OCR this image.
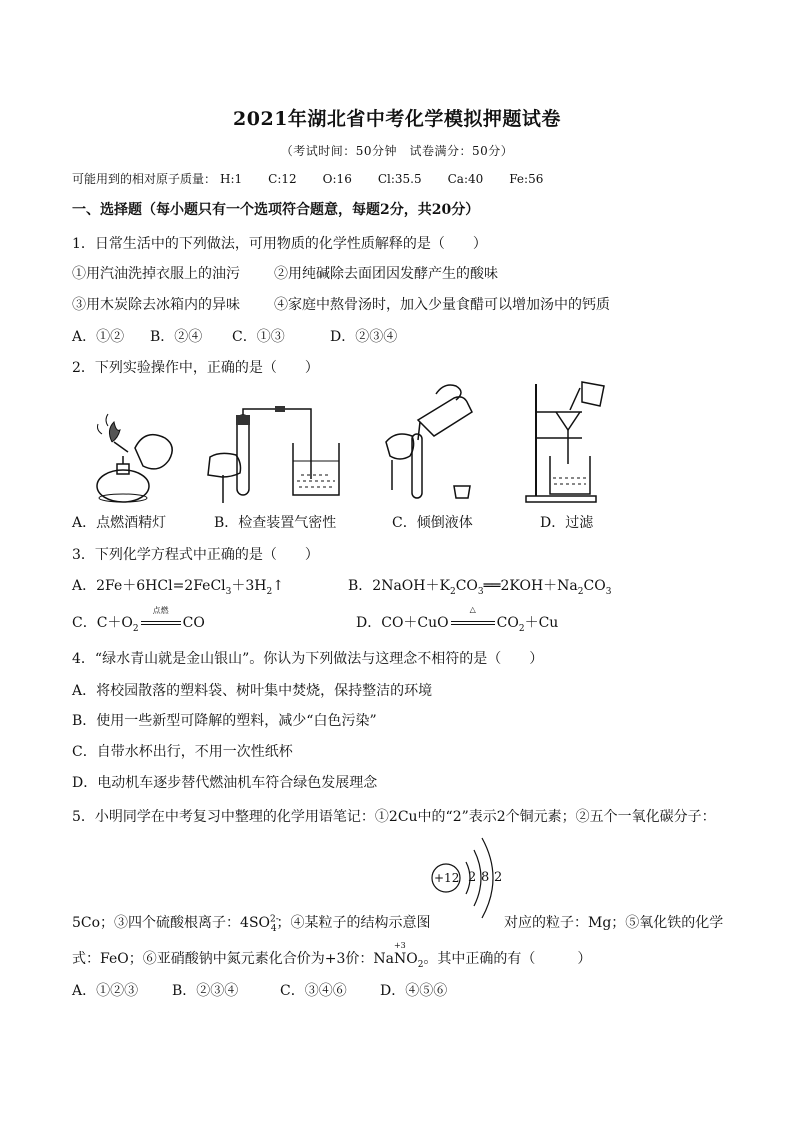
2021年湖北省中考化学模拟押题试卷
（考试时间：50分钟　试卷满分：50分）
可能用到的相对原子质量： H:1 C:12 O:16 Cl:35.5 Ca:40 Fe:56
一、选择题（每小题只有一个选项符合题意，每题2分，共20分）
1．日常生活中的下列做法，可用物质的化学性质解释的是（　　）
①用汽油洗掉衣服上的油污 ②用纯碱除去面团因发酵产生的酸味
③用木炭除去冰箱内的异味 ④家庭中熬骨汤时，加入少量食醋可以增加汤中的钙质
A．①② B．②④ C．①③	D．②③④
2．下列实验操作中，正确的是（　　）
A．点燃酒精灯	B．检查装置气密性	C．倾倒液体	D．过滤
3．下列化学方程式中正确的是（　　）
A．$2Fe+6HCl=2FeCl_3+3H_2↑$	B．$2NaOH+K_2CO_3══2KOH+Na_2CO_3$
C．$C+O_2$
点燃
CO	D．CO＋CuO
△
$CO_2+Cu$
4．“绿水青山就是金山银山”。你认为下列做法与这理念不相符的是（　　）
A．将校园散落的塑料袋、树叶集中焚烧，保持整洁的环境
B．使用一些新型可降解的塑料，减少“白色污染”
C．自带水杯出行，不用一次性纸杯
D．电动机车逐步替代燃油机车符合绿色发展理念
5．小明同学在中考复习中整理的化学用语笔记：①2Cu中的“2”表示2个铜元素；②五个一氧化碳分子：
+12 2 8 2
5Co；③四个硫酸根离子：$4SO^{2-}_4$；④某粒子的结构示意图	对应的粒子：Mg；⑤氧化铁的化学
式：FeO；⑥亚硝酸钠中氮元素化合价为+3价：Na
+3
$NO_2$。其中正确的有（　　　）
A．①②③ B．②③④	C．③④⑥ D．④⑤⑥
